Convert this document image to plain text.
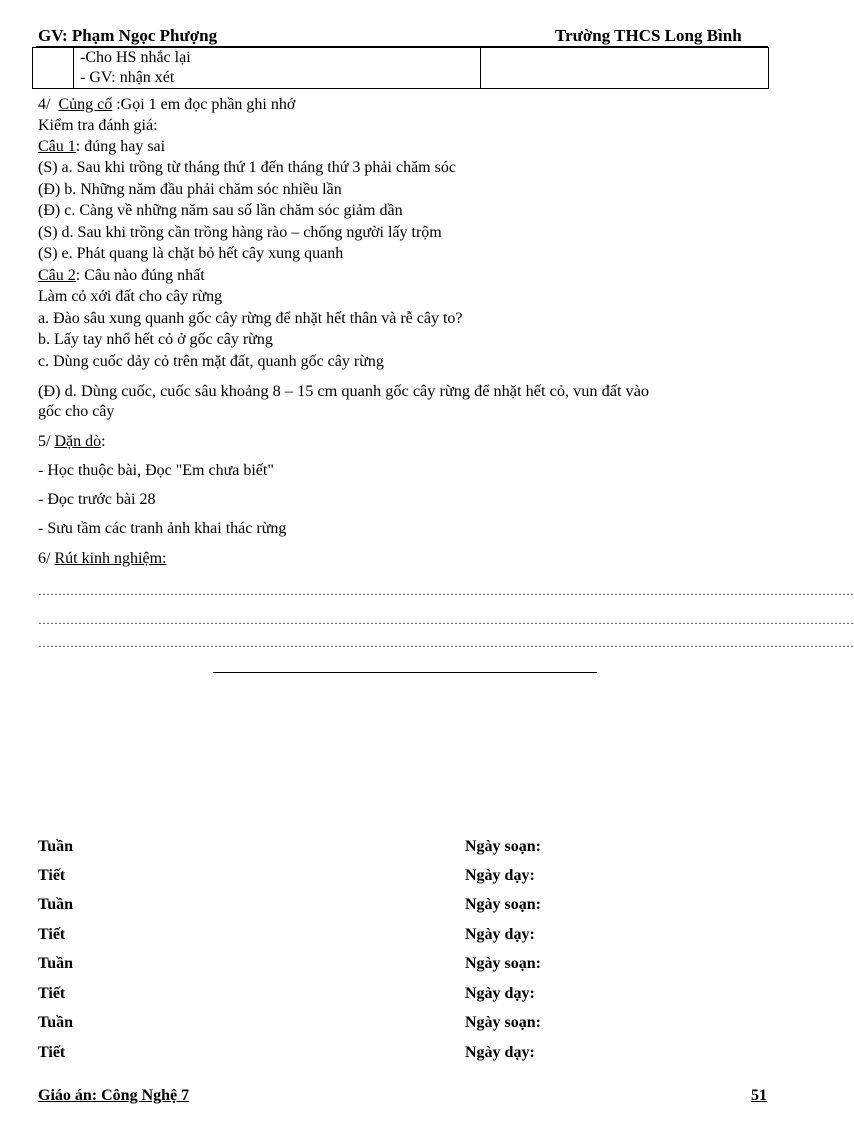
GV: Phạm Ngọc Phượng	Trường THCS Long Bình
	-Cho HS nhắc lại	
- GV: nhận xét
4/ Củng cố :Gọi 1 em đọc phần ghi nhớ
Kiểm tra đánh giá:
Câu 1: đúng hay sai
(S) a. Sau khi trồng từ tháng thứ 1 đến tháng thứ 3 phải chăm sóc
(Đ) b. Những năm đầu phải chăm sóc nhiều lần
(Đ) c. Càng về những năm sau số lần chăm sóc giảm dần
(S) d. Sau khi trồng cần trồng hàng rào – chống người lấy trộm
(S) e. Phát quang là chặt bỏ hết cây xung quanh
Câu 2: Câu nào đúng nhất
Làm cỏ xới đất cho cây rừng
a. Đào sâu xung quanh gốc cây rừng để nhặt hết thân và rễ cây to?
b. Lấy tay nhổ hết cỏ ở gốc cây rừng
c. Dùng cuốc dảy cỏ trên mặt đất, quanh gốc cây rừng
(Đ) d. Dùng cuốc, cuốc sâu khoảng 8 – 15 cm quanh gốc cây rừng để nhặt hết cỏ, vun đất vào
gốc cho cây
5/ Dặn dò:
- Học thuộc bài, Đọc "Em chưa biết"
- Đọc trước bài 28
- Sưu tầm các tranh ảnh khai thác rừng
6/ Rút kinh nghiệm:
……………………………………………………………………………………………………………………………………………………………………………………
……………………………………………………………………………………………………………………………………………………………………………………
……………………………………………………………………………………………………………………………………………………………………………………
Tuần	Ngày soạn:
Tiết	Ngày dạy:
Tuần	Ngày soạn:
Tiết	Ngày dạy:
Tuần	Ngày soạn:
Tiết	Ngày dạy:
Tuần	Ngày soạn:
Tiết	Ngày dạy:
Giáo án: Công Nghệ 7	51
